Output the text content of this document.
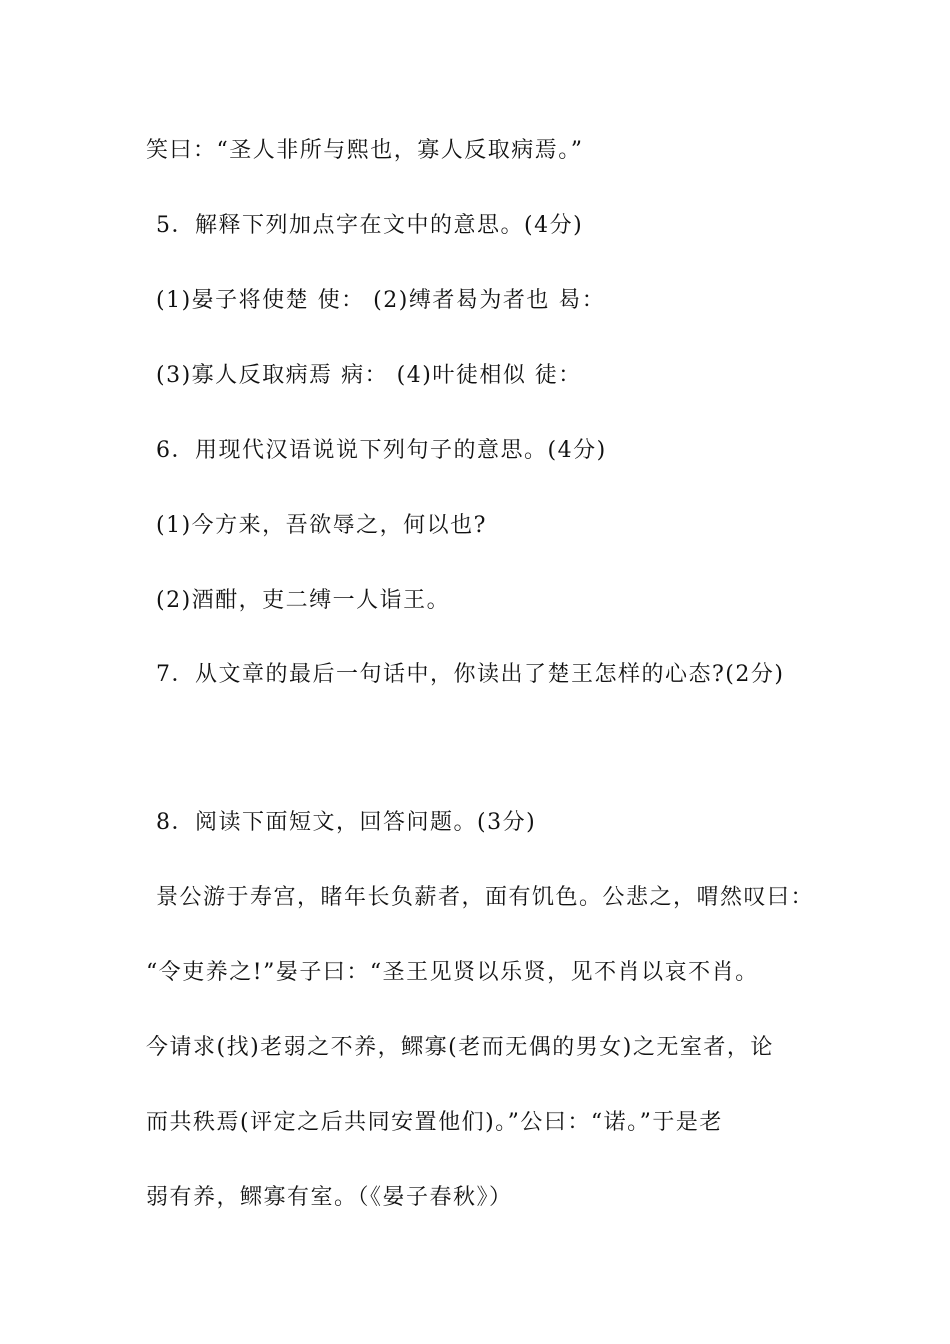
笑曰：“圣人非所与熙也，寡人反取病焉。”
5．解释下列加点字在文中的意思。(4分)
(1)晏子将使楚 使： (2)缚者曷为者也 曷：
(3)寡人反取病焉 病： (4)叶徒相似 徒：
6．用现代汉语说说下列句子的意思。(4分)
(1)今方来，吾欲辱之，何以也?
(2)酒酣，吏二缚一人诣王。
7．从文章的最后一句话中，你读出了楚王怎样的心态?(2分)
8．阅读下面短文，回答问题。(3分)
景公游于寿宫，睹年长负薪者，面有饥色。公悲之，喟然叹曰：
“令吏养之!”晏子曰：“圣王见贤以乐贤，见不肖以哀不肖。
今请求(找)老弱之不养，鳏寡(老而无偶的男女)之无室者，论
而共秩焉(评定之后共同安置他们)。”公曰：“诺。”于是老
弱有养，鳏寡有室。（《晏子春秋》）
